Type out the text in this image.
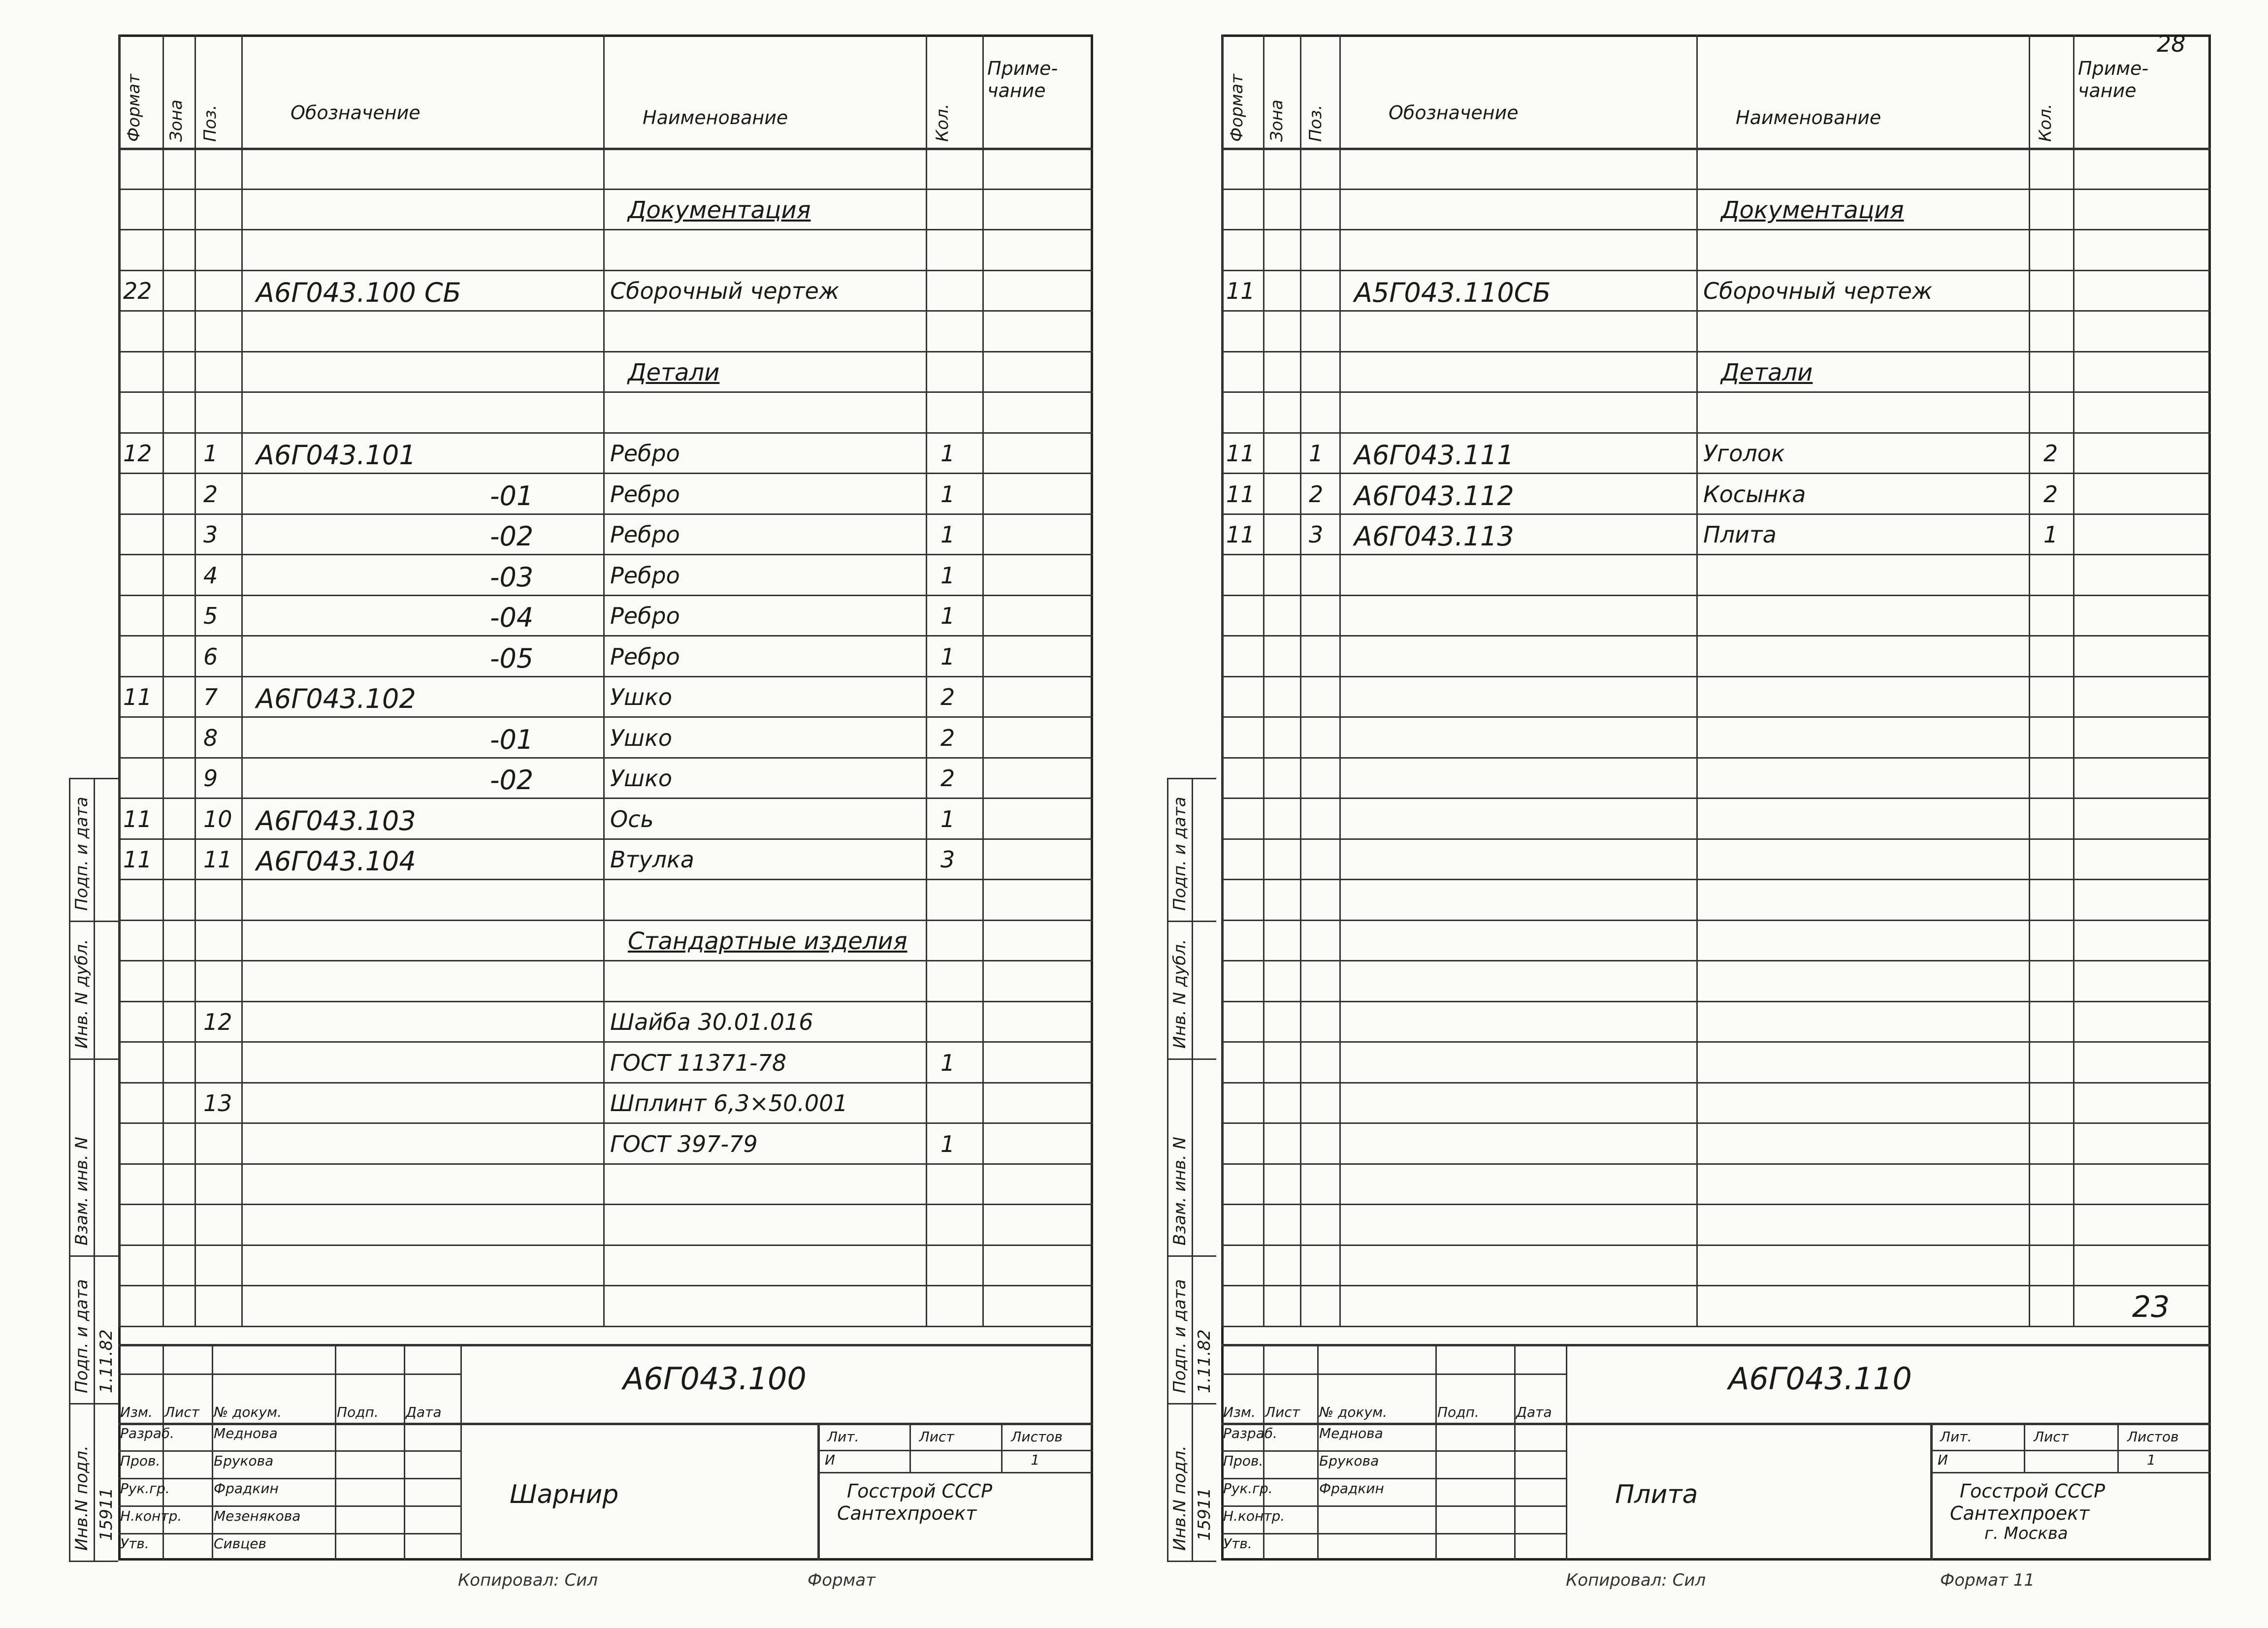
Формат Зона Поз.	Обозначение	Наименование	Кол.
Приме-
чание
Документация
22	А6Г043.100 СБ	Сборочный чертеж
Детали
12 1 А6Г043.101	Ребро	1
2	-01	Ребро	1
3	-02	Ребро	1
4	-03	Ребро	1
5	-04	Ребро	1
6	-05	Ребро	1
11 7 А6Г043.102	Ушко	2
8	-01	Ушко	2
9	-02	Ушко	2
11 10 А6Г043.103	Ось	1
11 11 А6Г043.104	Втулка	3
Стандартные изделия
12	Шайба 30.01.016
ГОСТ 11371-78	1
13	Шплинт 6,3×50.001
ГОСТ 397-79	1
Изм. Лист № докум.	Подп. Дата
Разраб.	Меднова
Пров.	Брукова
Рук.гр.	Фрадкин
Н.контр. Мезенякова
Утв.	Сивцев
А6Г043.100
Шарнир
Лит.	Лист	Листов
И	1
Госстрой СССР
Сантехпроект
Инв.N подл.
Подп. и дата
Взам. инв. N
Инв. N дубл.
Подп. и дата
15911
1.11.82
Копировал: Сил	Формат
28
Формат Зона Поз.	Обозначение	Наименование	Кол.
Приме-
чание
Документация
11	А5Г043.110СБ	Сборочный чертеж
Детали
11 1 А6Г043.111	Уголок	2
11 2 А6Г043.112	Косынка	2
11 3 А6Г043.113	Плита	1
Изм. Лист № докум.	Подп.	Дата
Разраб.	Меднова
Пров.	Брукова
Рук.гр.	Фрадкин
Н.контр.
Утв.
А6Г043.110
Плита
Лит.	Лист	Листов
И	1
Госстрой СССР
Сантехпроект
г. Москва
Инв.N подл.
Подп. и дата
Взам. инв. N
Инв. N дубл.
Подп. и дата
15911
1.11.82
Копировал: Сил	Формат 11
23
